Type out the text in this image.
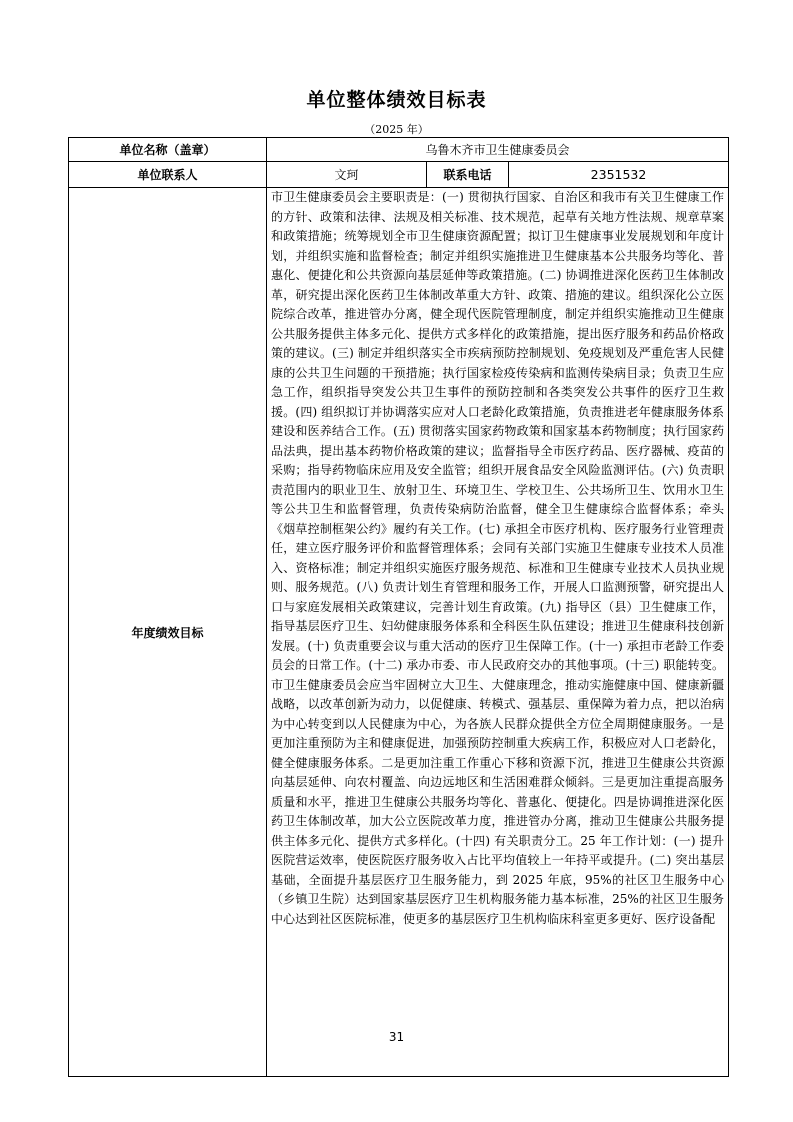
单位整体绩效目标表
（2025 年）
单位名称（盖章）	乌鲁木齐市卫生健康委员会		
单位联系人	文珂	联系电话	2351532
年度绩效目标	市卫生健康委员会主要职责是：(一) 贯彻执行国家、自治区和我市有关卫生健康工作的方针、政策和法律、法规及相关标准、技术规范，起草有关地方性法规、规章草案和政策措施；统筹规划全市卫生健康资源配置；拟订卫生健康事业发展规划和年度计划，并组织实施和监督检查；制定并组织实施推进卫生健康基本公共服务均等化、普惠化、便捷化和公共资源向基层延伸等政策措施。(二) 协调推进深化医药卫生体制改革，研究提出深化医药卫生体制改革重大方针、政策、措施的建议。组织深化公立医院综合改革，推进管办分离，健全现代医院管理制度，制定并组织实施推动卫生健康公共服务提供主体多元化、提供方式多样化的政策措施，提出医疗服务和药品价格政策的建议。(三) 制定并组织落实全市疾病预防控制规划、免疫规划及严重危害人民健康的公共卫生问题的干预措施；执行国家检疫传染病和监测传染病目录；负责卫生应急工作，组织指导突发公共卫生事件的预防控制和各类突发公共事件的医疗卫生救援。(四) 组织拟订并协调落实应对人口老龄化政策措施，负责推进老年健康服务体系建设和医养结合工作。(五) 贯彻落实国家药物政策和国家基本药物制度；执行国家药品法典，提出基本药物价格政策的建议；监督指导全市医疗药品、医疗器械、疫苗的采购；指导药物临床应用及安全监管；组织开展食品安全风险监测评估。(六) 负责职责范围内的职业卫生、放射卫生、环境卫生、学校卫生、公共场所卫生、饮用水卫生等公共卫生和监督管理，负责传染病防治监督，健全卫生健康综合监督体系；牵头《烟草控制框架公约》履约有关工作。(七) 承担全市医疗机构、医疗服务行业管理责任，建立医疗服务评价和监督管理体系；会同有关部门实施卫生健康专业技术人员准入、资格标准；制定并组织实施医疗服务规范、标准和卫生健康专业技术人员执业规则、服务规范。(八) 负责计划生育管理和服务工作，开展人口监测预警，研究提出人口与家庭发展相关政策建议，完善计划生育政策。(九) 指导区（县）卫生健康工作，指导基层医疗卫生、妇幼健康服务体系和全科医生队伍建设；推进卫生健康科技创新发展。(十) 负责重要会议与重大活动的医疗卫生保障工作。(十一) 承担市老龄工作委员会的日常工作。(十二) 承办市委、市人民政府交办的其他事项。(十三) 职能转变。市卫生健康委员会应当牢固树立大卫生、大健康理念，推动实施健康中国、健康新疆战略，以改革创新为动力，以促健康、转模式、强基层、重保障为着力点，把以治病为中心转变到以人民健康为中心，为各族人民群众提供全方位全周期健康服务。一是更加注重预防为主和健康促进，加强预防控制重大疾病工作，积极应对人口老龄化，健全健康服务体系。二是更加注重工作重心下移和资源下沉，推进卫生健康公共资源向基层延伸、向农村覆盖、向边远地区和生活困难群众倾斜。三是更加注重提高服务质量和水平，推进卫生健康公共服务均等化、普惠化、便捷化。四是协调推进深化医药卫生体制改革，加大公立医院改革力度，推进管办分离，推动卫生健康公共服务提供主体多元化、提供方式多样化。(十四) 有关职责分工。25 年工作计划：(一) 提升医院营运效率，使医院医疗服务收入占比平均值较上一年持平或提升。(二) 突出基层基础，全面提升基层医疗卫生服务能力，到 2025 年底，95%的社区卫生服务中心（乡镇卫生院）达到国家基层医疗卫生机构服务能力基本标准，25%的社区卫生服务中心达到社区医院标准，使更多的基层医疗卫生机构临床科室更多更好、医疗设备配		
31
